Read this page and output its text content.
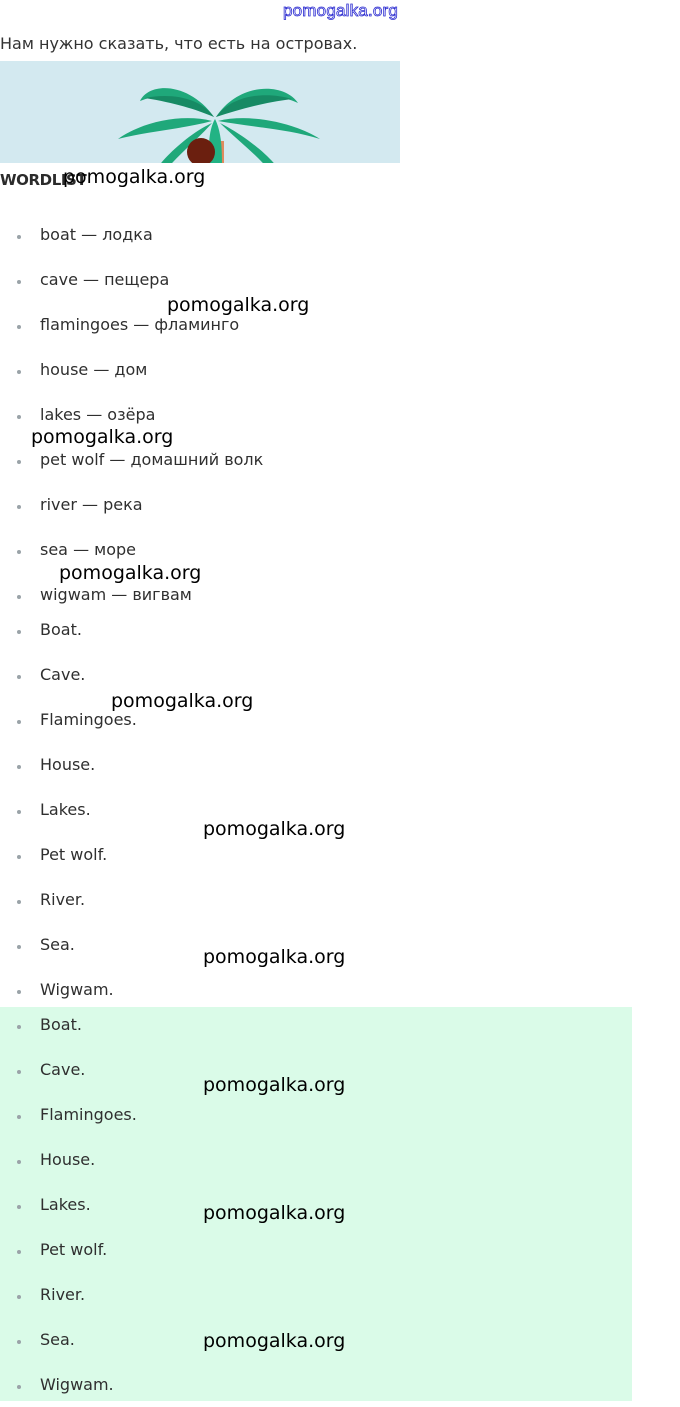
pomogalka.org
Нам нужно сказать, что есть на островах.
WORDLIST
boat — лодка
cave — пещера
flamingoes — фламинго
house — дом
lakes — озёра
pet wolf — домашний волк
river — река
sea — море
wigwam — вигвам
Boat.
Cave.
Flamingoes.
House.
Lakes.
Pet wolf.
River.
Sea.
Wigwam.
Boat.
Cave.
Flamingoes.
House.
Lakes.
Pet wolf.
River.
Sea.
Wigwam.
pomogalka.org
pomogalka.org
pomogalka.org
pomogalka.org
pomogalka.org
pomogalka.org
pomogalka.org
pomogalka.org
pomogalka.org
pomogalka.org
